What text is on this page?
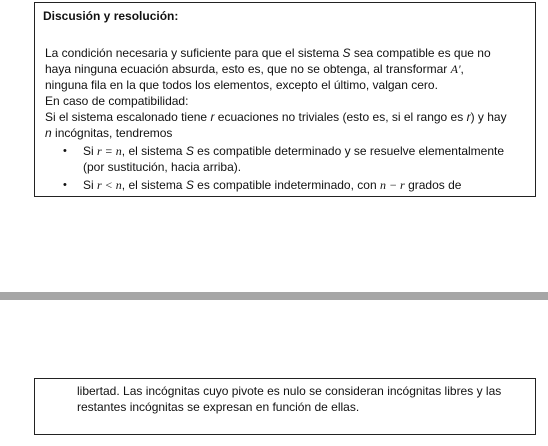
Discusión y resolución:
La condición necesaria y suficiente para que el sistema S sea compatible es que no
haya ninguna ecuación absurda, esto es, que no se obtenga, al transformar A',
ninguna fila en la que todos los elementos, excepto el último, valgan cero.
En caso de compatibilidad:
Si el sistema escalonado tiene r ecuaciones no triviales (esto es, si el rango es r) y hay
n incógnitas, tendremos
• Si r = n, el sistema S es compatible determinado y se resuelve elementalmente
(por sustitución, hacia arriba).
• Si r < n, el sistema S es compatible indeterminado, con n − r grados de
libertad. Las incógnitas cuyo pivote es nulo se consideran incógnitas libres y las
restantes incógnitas se expresan en función de ellas.
